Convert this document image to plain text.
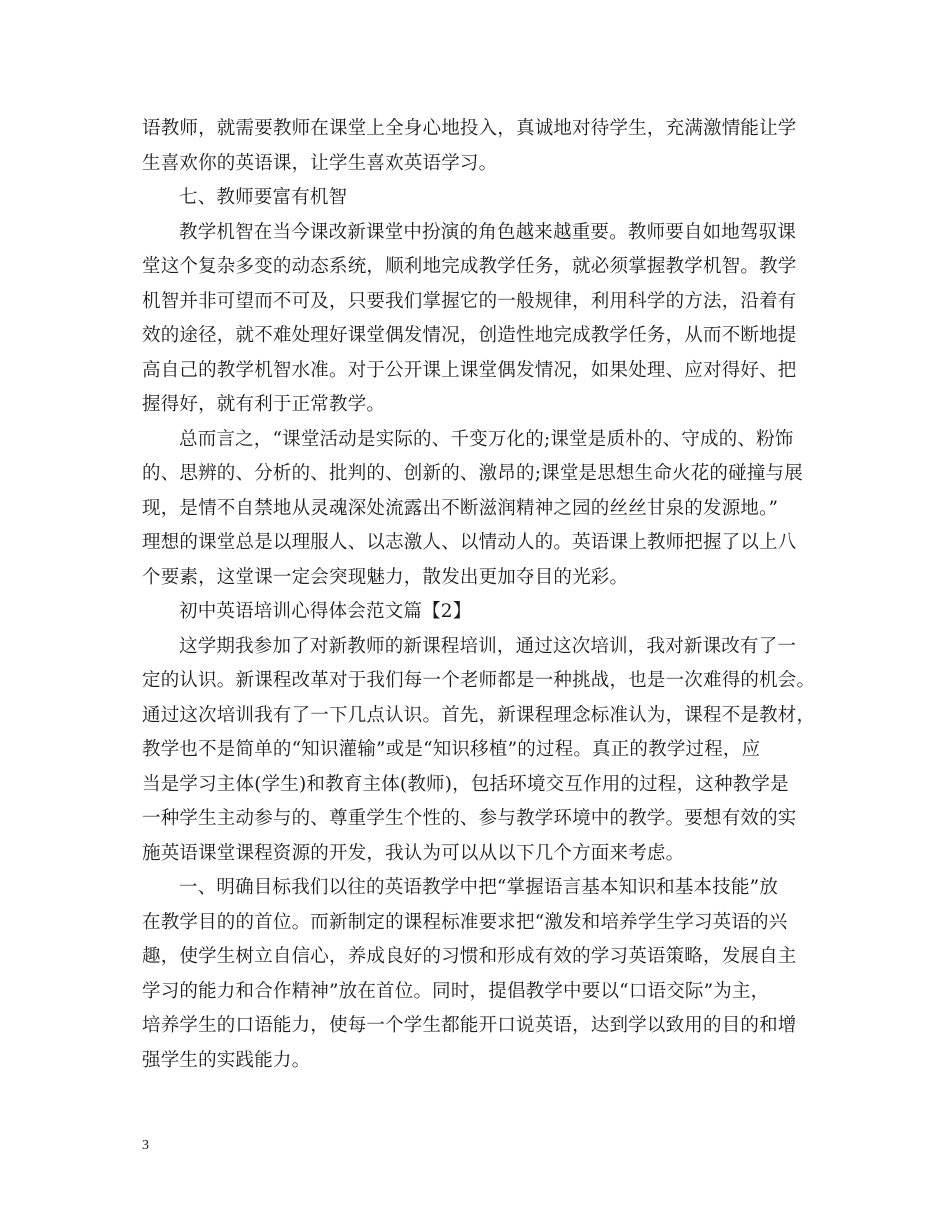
语教师，就需要教师在课堂上全身心地投入，真诚地对待学生，充满激情能让学
生喜欢你的英语课，让学生喜欢英语学习。
七、教师要富有机智
教学机智在当今课改新课堂中扮演的角色越来越重要。教师要自如地驾驭课
堂这个复杂多变的动态系统，顺利地完成教学任务，就必须掌握教学机智。教学
机智并非可望而不可及，只要我们掌握它的一般规律，利用科学的方法，沿着有
效的途径，就不难处理好课堂偶发情况，创造性地完成教学任务，从而不断地提
高自己的教学机智水准。对于公开课上课堂偶发情况，如果处理、应对得好、把
握得好，就有利于正常教学。
总而言之，“课堂活动是实际的、千变万化的;课堂是质朴的、守成的、粉饰
的、思辨的、分析的、批判的、创新的、激昂的;课堂是思想生命火花的碰撞与展
现，是情不自禁地从灵魂深处流露出不断滋润精神之园的丝丝甘泉的发源地。”
理想的课堂总是以理服人、以志激人、以情动人的。英语课上教师把握了以上八
个要素，这堂课一定会突现魅力，散发出更加夺目的光彩。
初中英语培训心得体会范文篇【2】
这学期我参加了对新教师的新课程培训，通过这次培训，我对新课改有了一
定的认识。新课程改革对于我们每一个老师都是一种挑战，也是一次难得的机会。
通过这次培训我有了一下几点认识。首先，新课程理念标准认为，课程不是教材，
教学也不是简单的“知识灌输”或是“知识移植”的过程。真正的教学过程，应
当是学习主体(学生)和教育主体(教师)，包括环境交互作用的过程，这种教学是
一种学生主动参与的、尊重学生个性的、参与教学环境中的教学。要想有效的实
施英语课堂课程资源的开发，我认为可以从以下几个方面来考虑。
一、明确目标我们以往的英语教学中把“掌握语言基本知识和基本技能”放
在教学目的的首位。而新制定的课程标准要求把“激发和培养学生学习英语的兴
趣，使学生树立自信心，养成良好的习惯和形成有效的学习英语策略，发展自主
学习的能力和合作精神”放在首位。同时，提倡教学中要以“口语交际”为主，
培养学生的口语能力，使每一个学生都能开口说英语，达到学以致用的目的和增
强学生的实践能力。
3
